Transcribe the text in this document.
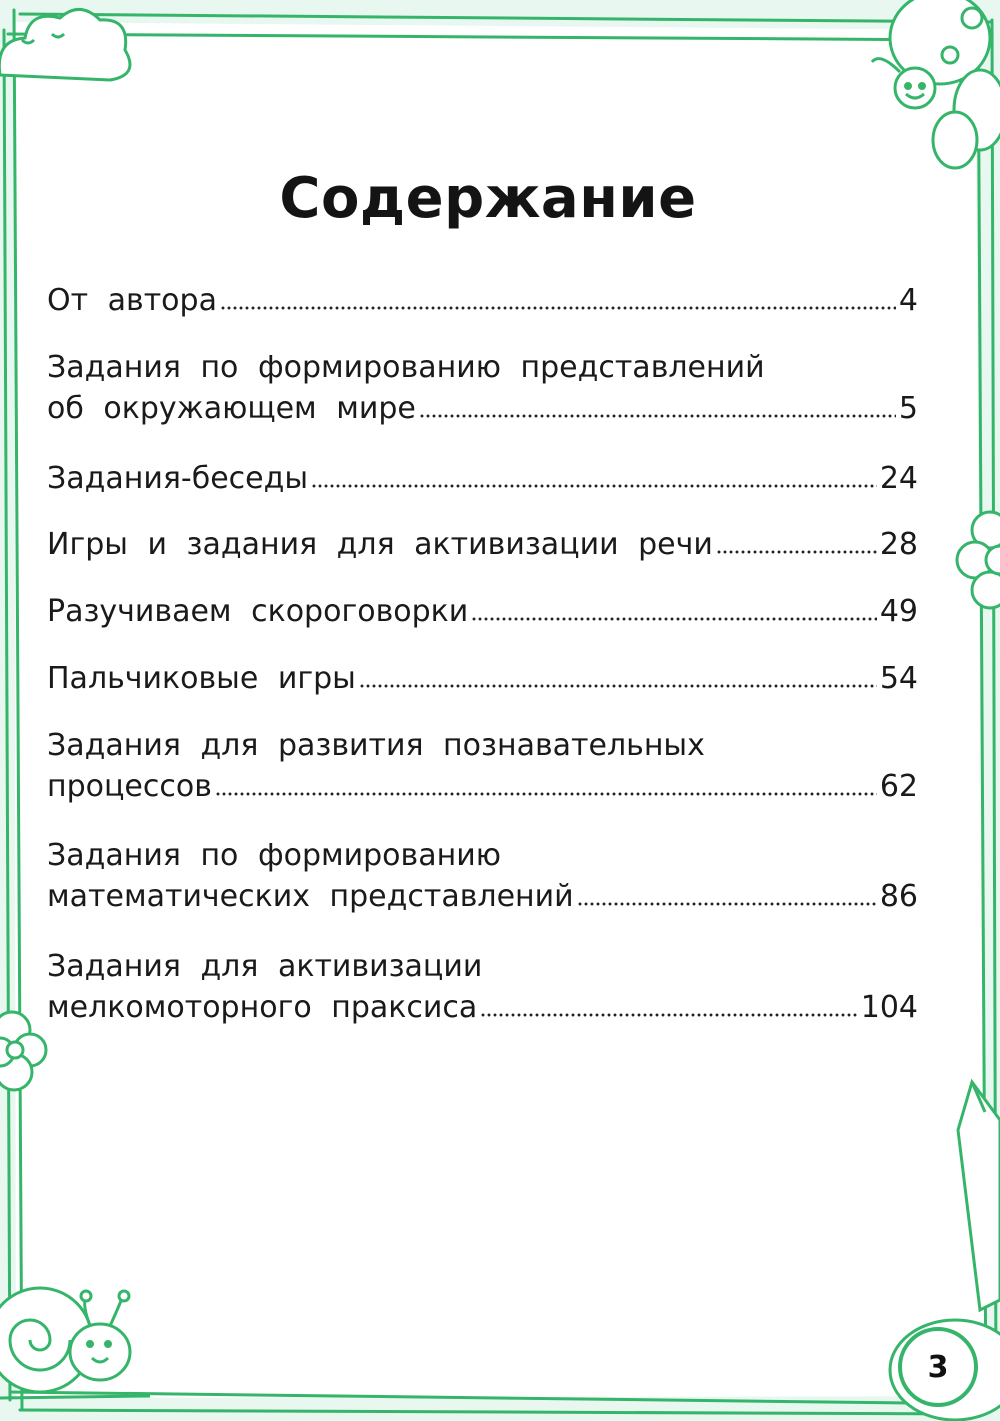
Содержание
От автора	4
Задания по формированию представлений
об окружающем мире	5
Задания-беседы	24
Игры и задания для активизации речи	28
Разучиваем скороговорки	49
Пальчиковые игры	54
Задания для развития познавательных
процессов	62
Задания по формированию
математических представлений	86
Задания для активизации
мелкомоторного праксиса	104
3
